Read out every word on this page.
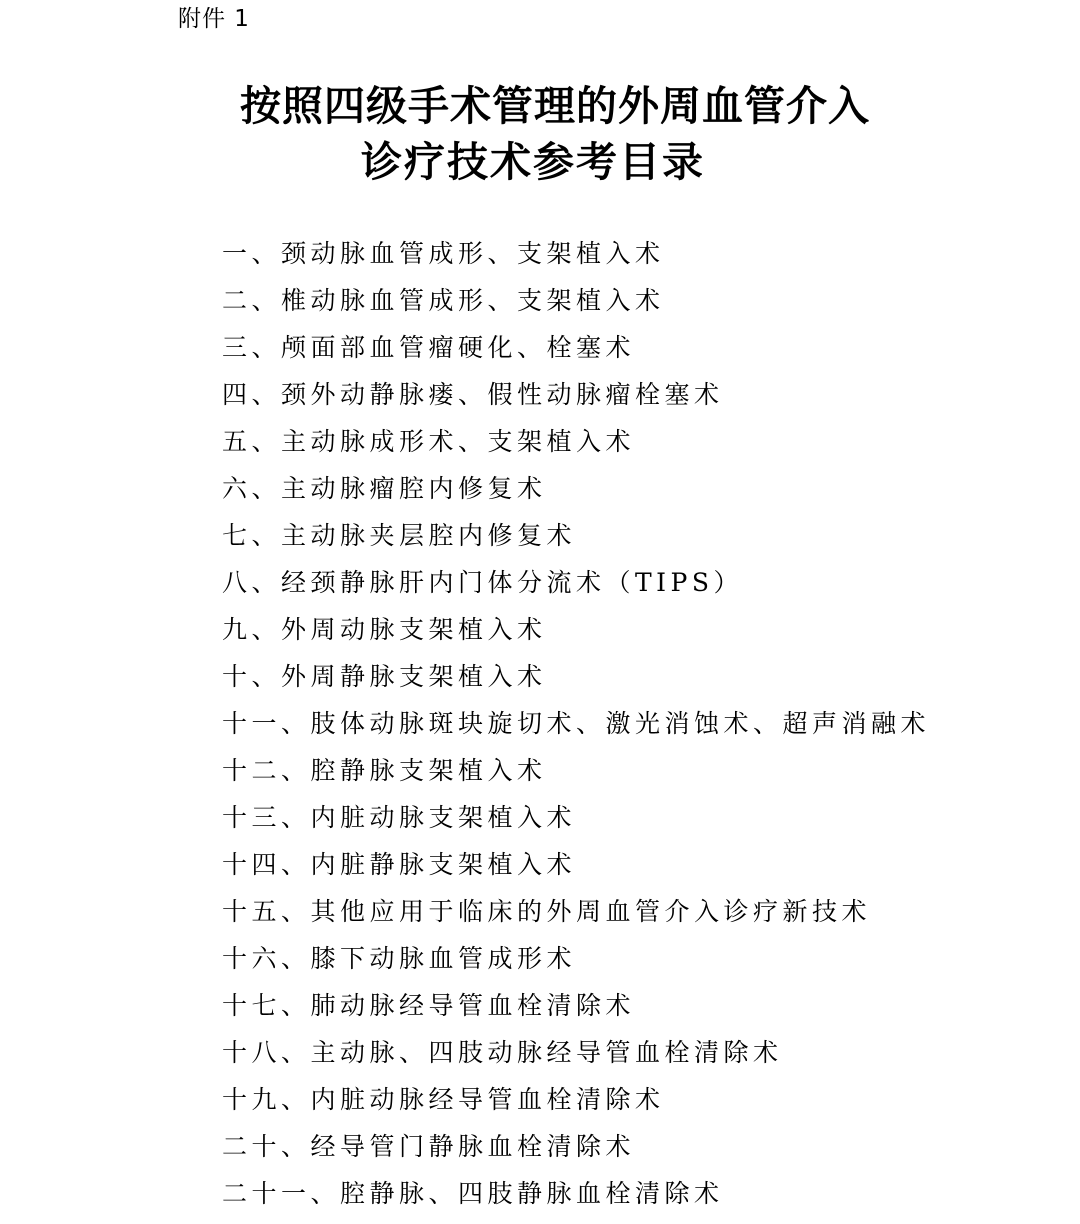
附件 1
按照四级手术管理的外周血管介入
诊疗技术参考目录
一、颈动脉血管成形、支架植入术
二、椎动脉血管成形、支架植入术
三、颅面部血管瘤硬化、栓塞术
四、颈外动静脉瘘、假性动脉瘤栓塞术
五、主动脉成形术、支架植入术
六、主动脉瘤腔内修复术
七、主动脉夹层腔内修复术
八、经颈静脉肝内门体分流术（TIPS）
九、外周动脉支架植入术
十、外周静脉支架植入术
十一、肢体动脉斑块旋切术、激光消蚀术、超声消融术
十二、腔静脉支架植入术
十三、内脏动脉支架植入术
十四、内脏静脉支架植入术
十五、其他应用于临床的外周血管介入诊疗新技术
十六、膝下动脉血管成形术
十七、肺动脉经导管血栓清除术
十八、主动脉、四肢动脉经导管血栓清除术
十九、内脏动脉经导管血栓清除术
二十、经导管门静脉血栓清除术
二十一、腔静脉、四肢静脉血栓清除术
